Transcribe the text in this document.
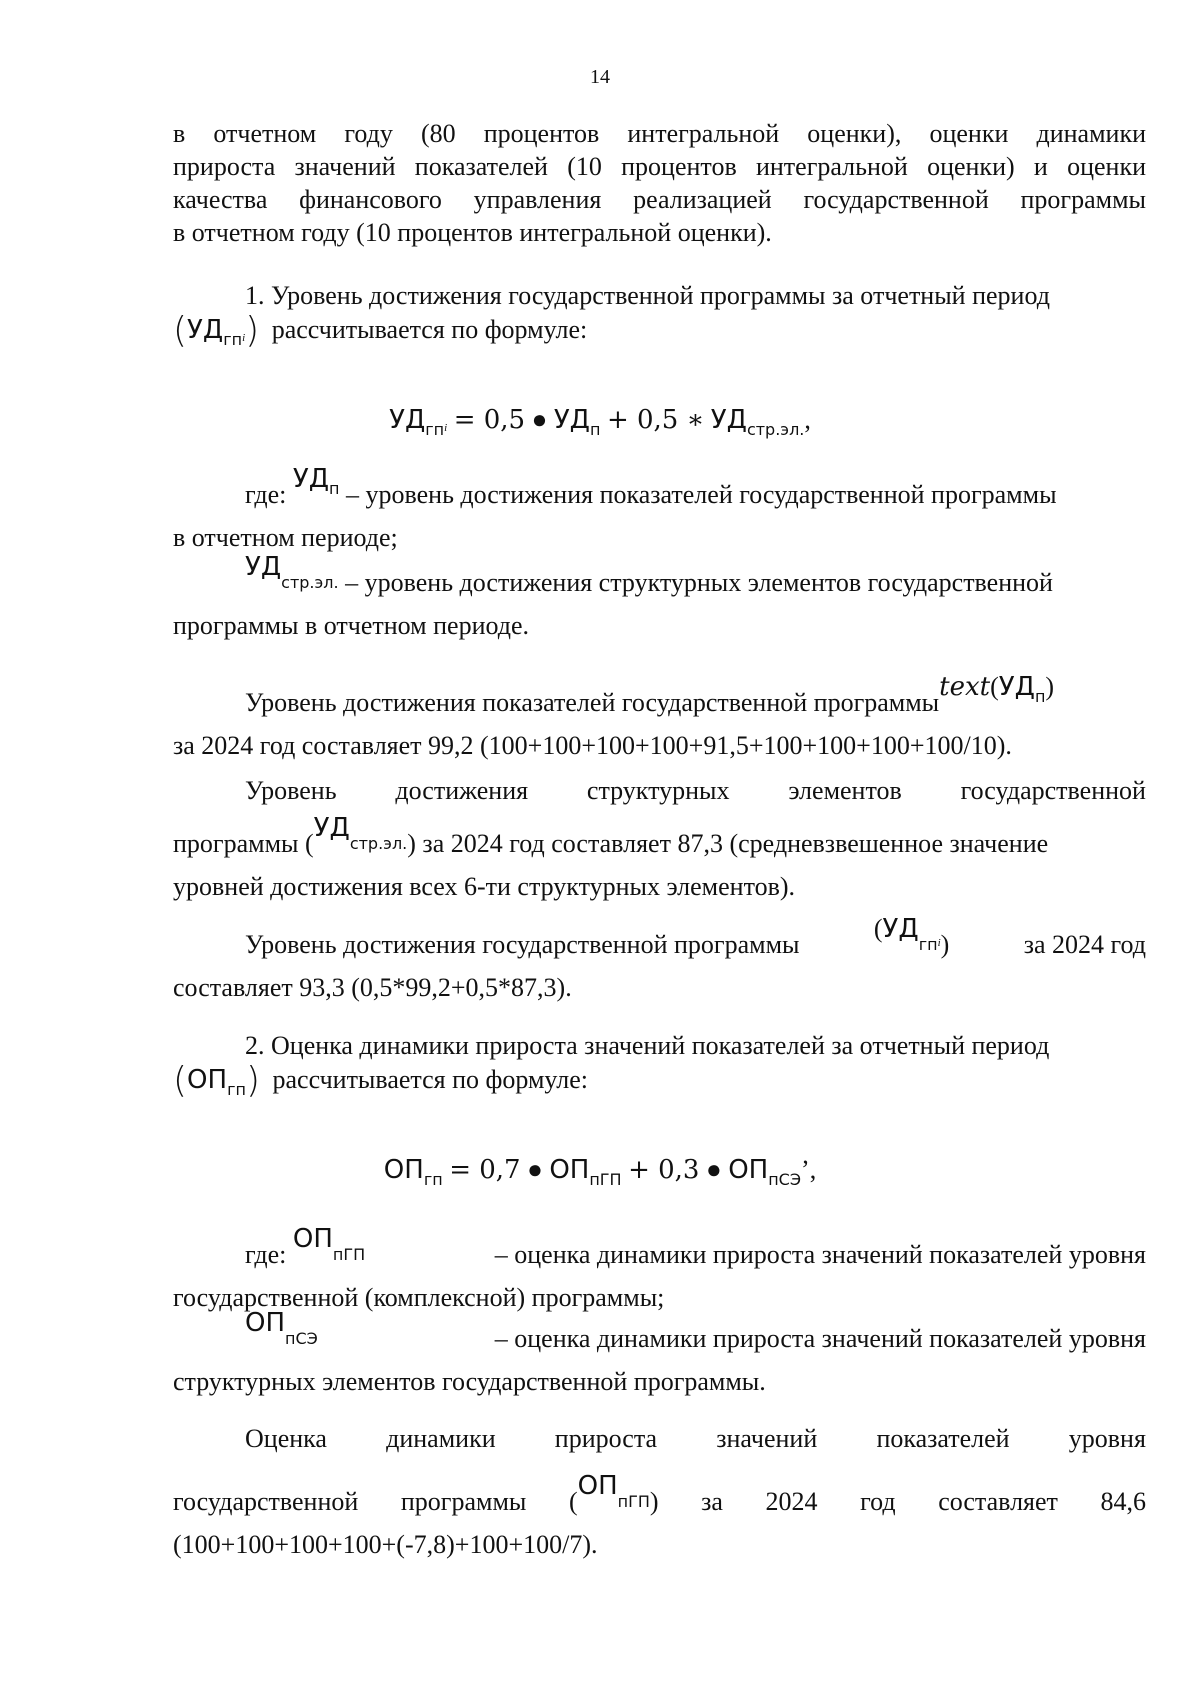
14
в отчетном году (80 процентов интегральной оценки), оценки динамики
прироста значений показателей (10 процентов интегральной оценки) и оценки
качества финансового управления реализацией государственной программы
в отчетном году (10 процентов интегральной оценки).
1. Уровень достижения государственной программы за отчетный период
$(УД_{гп}i)$ рассчитывается по формуле:
$УД_{гп}i = 0,5$ ● $УД_п + 0,5$ ∗ $УД_{стр.эл.}$,
где: $УД^п$ – уровень достижения показателей государственной программы
в отчетном периоде;
$УД_{стр.эл.}$ – уровень достижения структурных элементов государственной
программы в отчетном периоде.
Уровень достижения показателей государственной $программыtext(УД^п)$
за 2024 год составляет 99,2 (100+100+100+100+91,5+100+100+100+100/10).
Уровень достижения структурных элементов государственной
программы $(УД_{стр.эл.})$ за 2024 год составляет 87,3 (средневзвешенное значение
уровней достижения всех 6-ти структурных элементов).
Уровень достижения государственной программы
$(УД_{гп}^i)$	за 2024 год
составляет 93,3 (0,5*99,2+0,5*87,3).
2. Оценка динамики прироста значений показателей за отчетный период
$(ОП_{гп})$ рассчитывается по формуле:
$ОП_{гп} = 0,7$ ● $ОП_{пГП} + 0,3$ ● $ОП_{пСЭ}$’,
где: $ОП_{пГП}$	– оценка динамики прироста значений показателей уровня
государственной (комплексной) программы;
$ОП_{пСЭ}$	– оценка динамики прироста значений показателей уровня
структурных элементов государственной программы.
Оценка динамики прироста значений показателей уровня
государственной программы $(ОП_{пГП})$ за 2024 год составляет 84,6
(100+100+100+100+(-7,8)+100+100/7).
